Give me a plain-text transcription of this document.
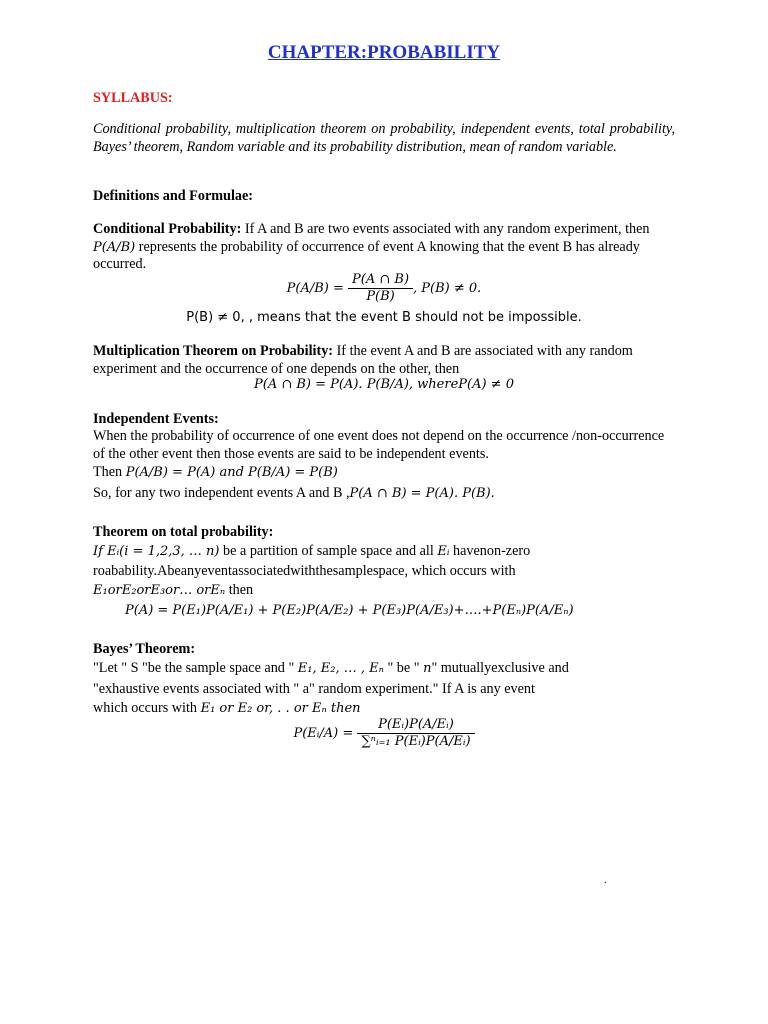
CHAPTER:PROBABILITY
SYLLABUS:
Conditional probability, multiplication theorem on probability, independent events, total probability, Bayes’ theorem, Random variable and its probability distribution, mean of random variable.
Definitions and Formulae:
Conditional Probability: If A and B are two events associated with any random experiment, then P(A/B) represents the probability of occurrence of event A knowing that the event B has already occurred.
$P(A/B) = \frac{P(A \cap B)}{P(B)}$ , P(B) ≠ 0.
P(B) ≠ 0, , means that the event B should not be impossible.
Multiplication Theorem on Probability: If the event A and B are associated with any random experiment and the occurrence of one depends on the other, then
P(A ∩ B) = P(A). P(B/A), whereP(A) ≠ 0
Independent Events:
When the probability of occurrence of one event does not depend on the occurrence /non-occurrence of the other event then those events are said to be independent events.
Then P(A/B) = P(A) and P(B/A) = P(B)
So, for any two independent events A and B ,P(A ∩ B) = P(A). P(B).
Theorem on total probability:
If Eᵢ(i = 1,2,3, … n) be a partition of sample space and all Eᵢ havenon-zero
roabability.Abeanyeventassociatedwiththesamplespace, which occurs with
E₁orE₂orE₃or… orEₙ then
P(A) = P(E₁)P(A/E₁) + P(E₂)P(A/E₂) + P(E₃)P(A/E₃)+….+P(Eₙ)P(A/Eₙ)
Bayes’ Theorem:
"Let " S "be the sample space and " E₁, E₂, … , Eₙ " be " n" mutuallyexclusive and
"exhaustive events associated with " a" random experiment." If A is any event
which occurs with E₁ or E₂ or, . . or Eₙ then
P(Eᵢ/A) = $\frac{\text{P(Eᵢ)P(A/Eᵢ)}}{\text{∑ⁿᵢ₌₁ P(Eᵢ)P(A/Eᵢ)}}$
.
